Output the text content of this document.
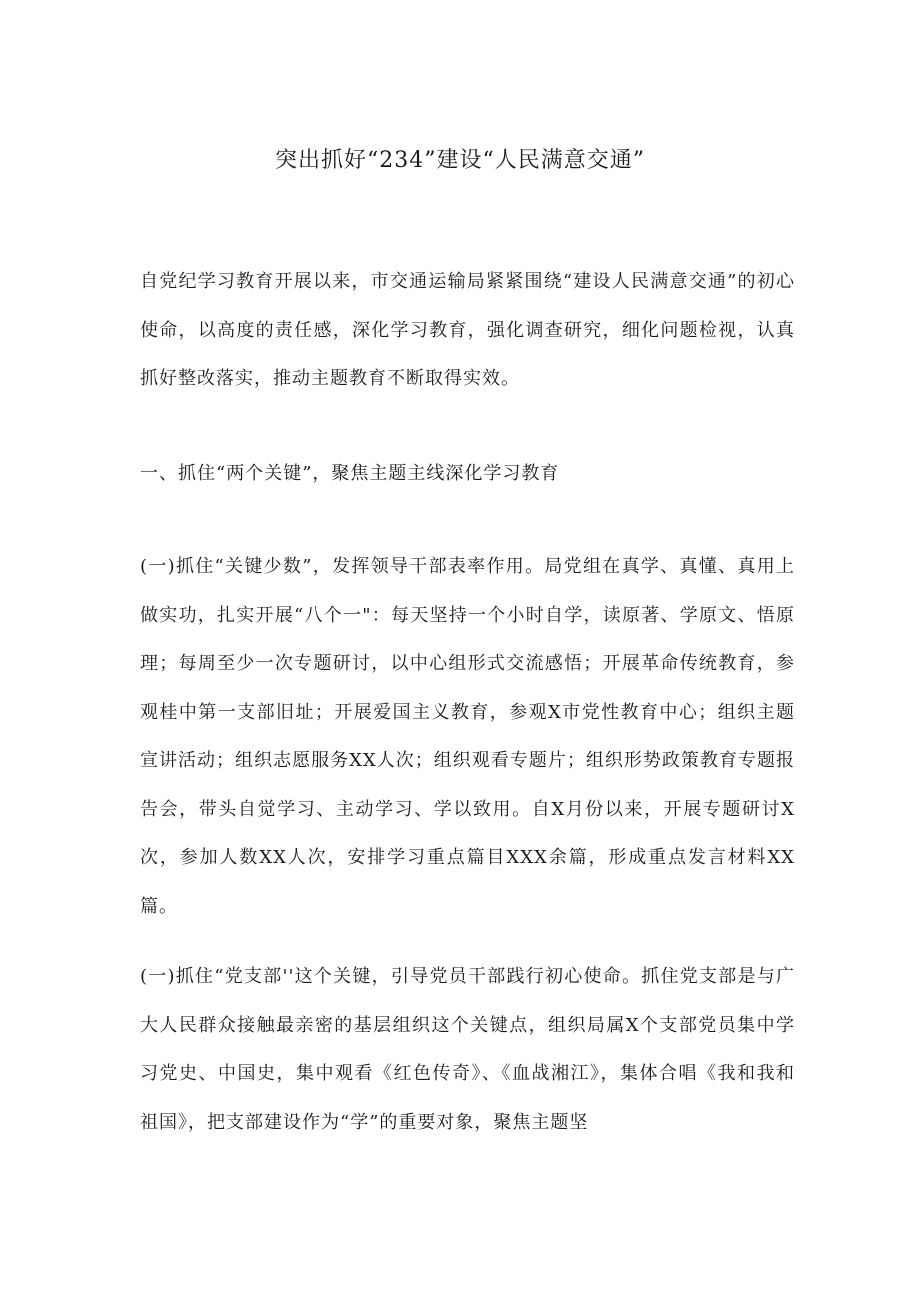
突出抓好“234”建设“人民满意交通”

自党纪学习教育开展以来，市交通运输局紧紧围绕“建设人民满意交通”的初心使命，以高度的责任感，深化学习教育，强化调查研究，细化问题检视，认真抓好整改落实，推动主题教育不断取得实效。

一、抓住“两个关键”，聚焦主题主线深化学习教育

(一)抓住“关键少数”，发挥领导干部表率作用。局党组在真学、真懂、真用上做实功，扎实开展“八个一"：每天坚持一个小时自学，读原著、学原文、悟原理；每周至少一次专题研讨，以中心组形式交流感悟；开展革命传统教育，参观桂中第一支部旧址；开展爱国主义教育，参观X市党性教育中心；组织主题宣讲活动；组织志愿服务XX人次；组织观看专题片；组织形势政策教育专题报告会，带头自觉学习、主动学习、学以致用。自X月份以来，开展专题研讨X次，参加人数XX人次，安排学习重点篇目XXX余篇，形成重点发言材料XX篇。

(一)抓住“党支部''这个关键，引导党员干部践行初心使命。抓住党支部是与广大人民群众接触最亲密的基层组织这个关键点，组织局属X个支部党员集中学习党史、中国史，集中观看《红色传奇》、《血战湘江》，集体合唱《我和我和祖国》，把支部建设作为“学”的重要对象，聚焦主题坚
